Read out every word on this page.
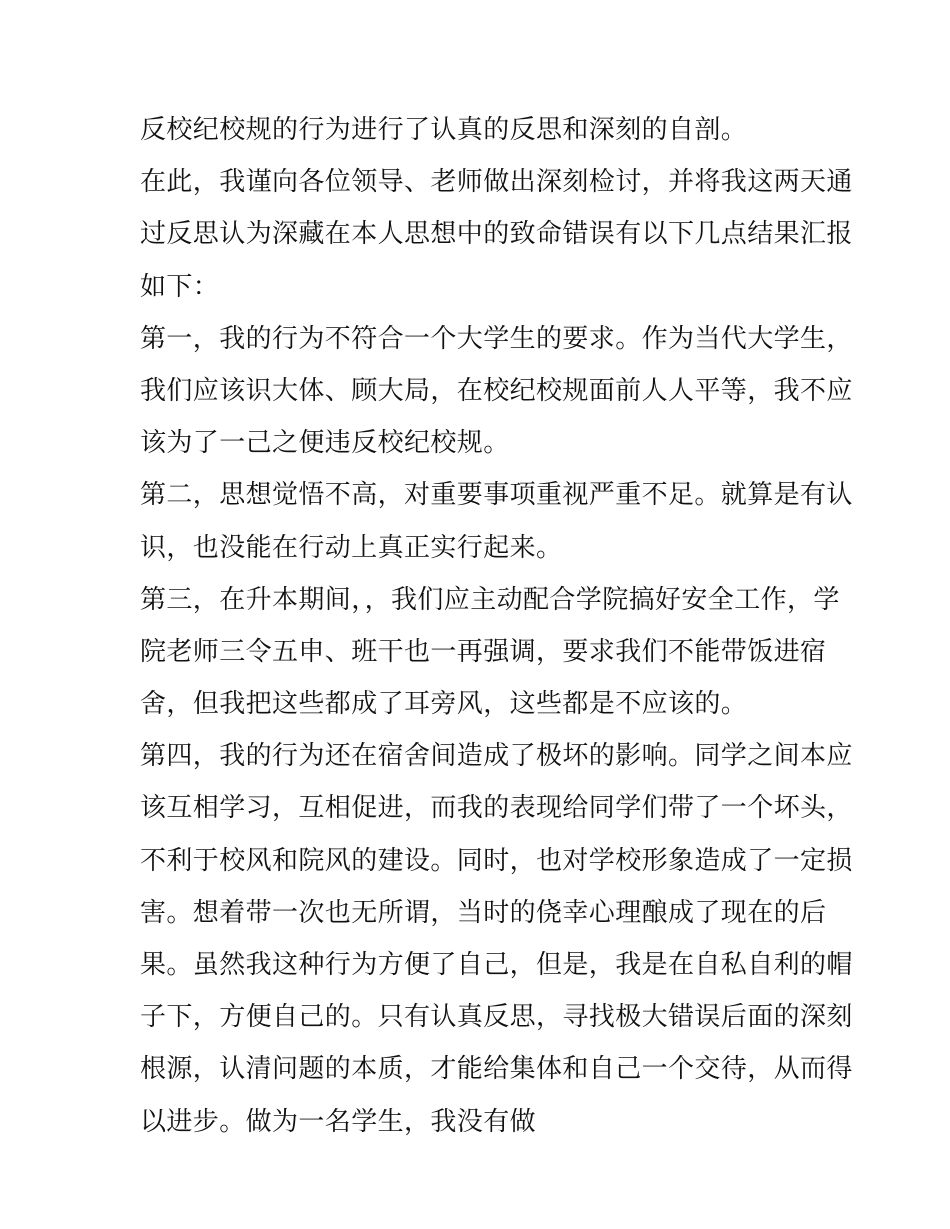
反校纪校规的行为进行了认真的反思和深刻的自剖。
在此，我谨向各位领导、老师做出深刻检讨，并将我这两天通
过反思认为深藏在本人思想中的致命错误有以下几点结果汇报
如下：
第一，我的行为不符合一个大学生的要求。作为当代大学生，
我们应该识大体、顾大局，在校纪校规面前人人平等，我不应
该为了一己之便违反校纪校规。
第二，思想觉悟不高，对重要事项重视严重不足。就算是有认
识，也没能在行动上真正实行起来。
第三，在升本期间，，我们应主动配合学院搞好安全工作，学
院老师三令五申、班干也一再强调，要求我们不能带饭进宿
舍，但我把这些都成了耳旁风，这些都是不应该的。
第四，我的行为还在宿舍间造成了极坏的影响。同学之间本应
该互相学习，互相促进，而我的表现给同学们带了一个坏头，
不利于校风和院风的建设。同时，也对学校形象造成了一定损
害。想着带一次也无所谓，当时的侥幸心理酿成了现在的后
果。虽然我这种行为方便了自己，但是，我是在自私自利的帽
子下，方便自己的。只有认真反思，寻找极大错误后面的深刻
根源，认清问题的本质，才能给集体和自己一个交待，从而得
以进步。做为一名学生，我没有做
